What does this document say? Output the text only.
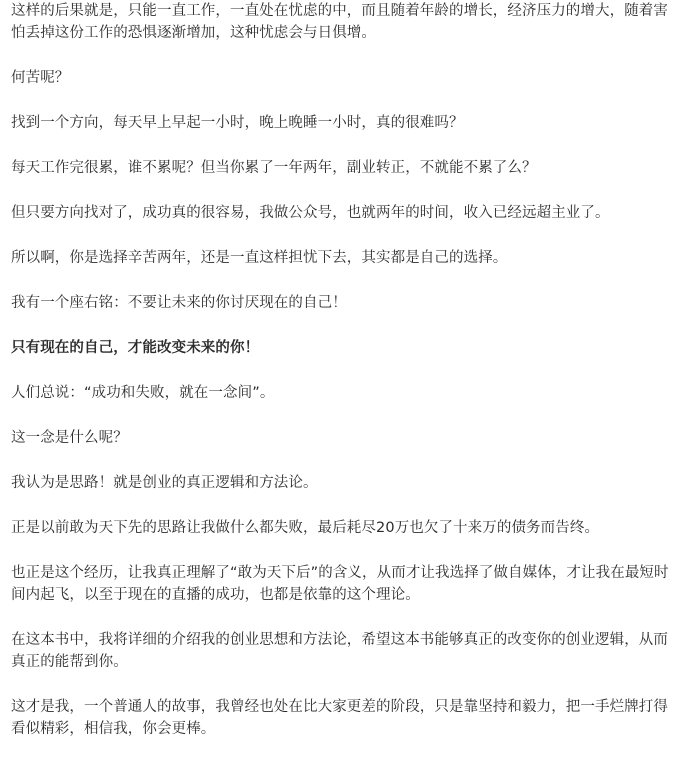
这样的后果就是，只能一直工作，一直处在忧虑的中，而且随着年龄的增长，经济压力的增大，随着害怕丢掉这份工作的恐惧逐渐增加，这种忧虑会与日俱增。

何苦呢？

找到一个方向，每天早上早起一小时，晚上晚睡一小时，真的很难吗？

每天工作完很累，谁不累呢？但当你累了一年两年，副业转正，不就能不累了么？

但只要方向找对了，成功真的很容易，我做公众号，也就两年的时间，收入已经远超主业了。

所以啊，你是选择辛苦两年，还是一直这样担忧下去，其实都是自己的选择。

我有一个座右铭：不要让未来的你讨厌现在的自己！

只有现在的自己，才能改变未来的你！

人们总说：“成功和失败，就在一念间”。

这一念是什么呢？

我认为是思路！就是创业的真正逻辑和方法论。

正是以前敢为天下先的思路让我做什么都失败，最后耗尽20万也欠了十来万的债务而告终。

也正是这个经历，让我真正理解了“敢为天下后”的含义，从而才让我选择了做自媒体，才让我在最短时间内起飞，以至于现在的直播的成功，也都是依靠的这个理论。

在这本书中，我将详细的介绍我的创业思想和方法论，希望这本书能够真正的改变你的创业逻辑，从而真正的能帮到你。

这才是我，一个普通人的故事，我曾经也处在比大家更差的阶段，只是靠坚持和毅力，把一手烂牌打得看似精彩，相信我，你会更棒。
